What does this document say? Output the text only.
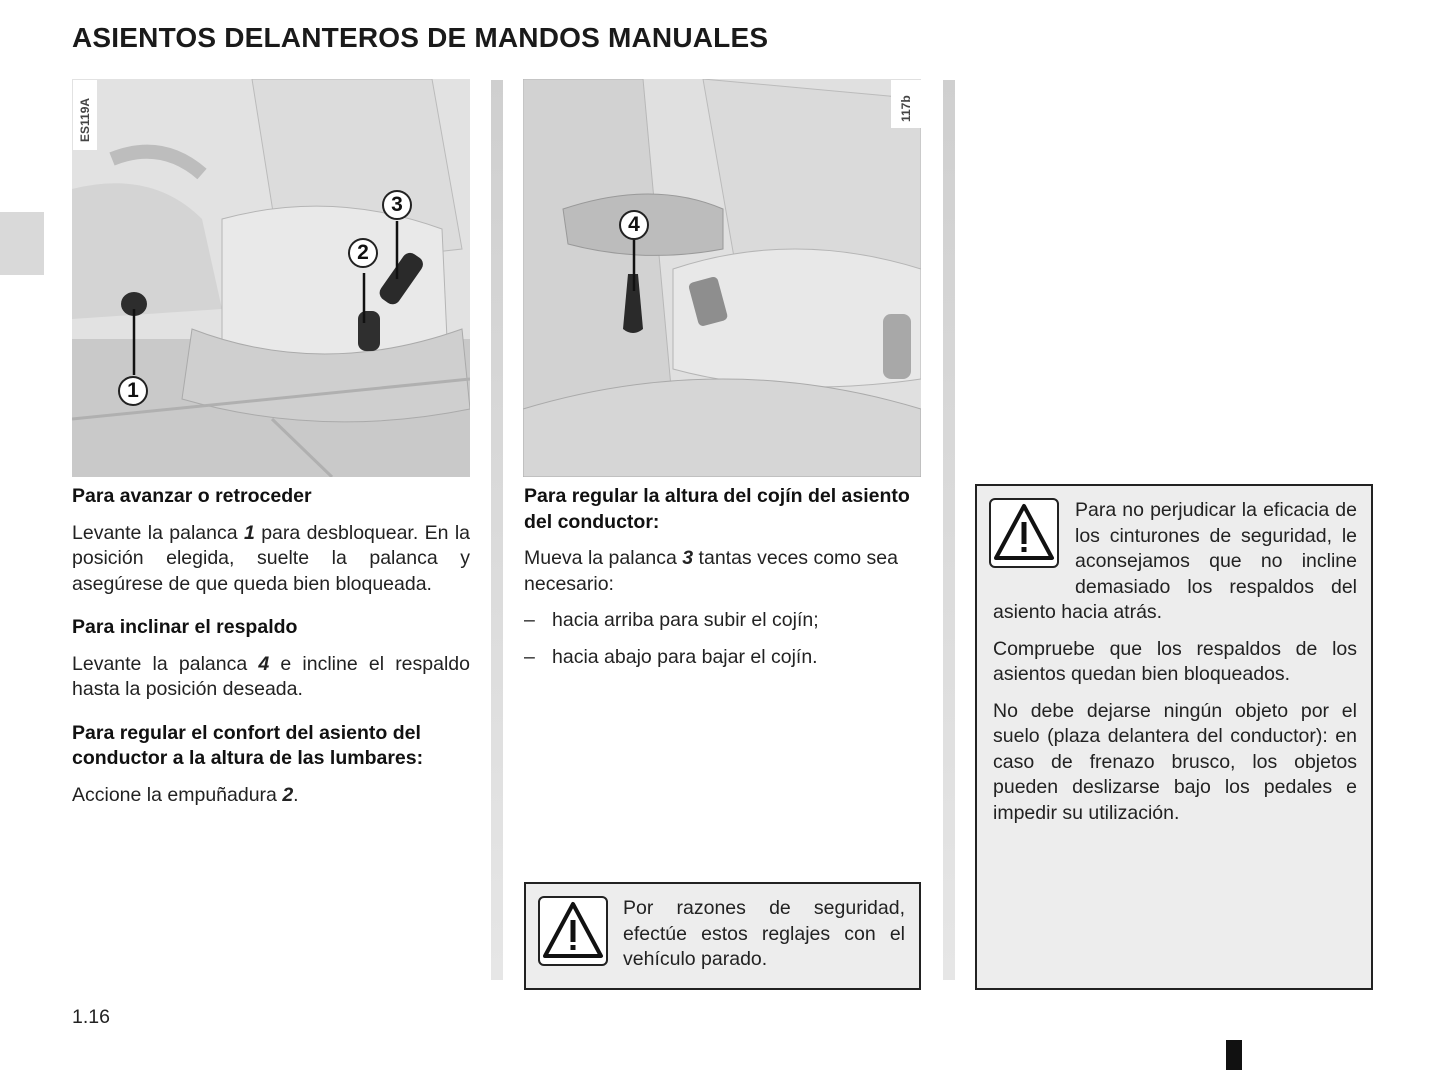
ASIENTOS DELANTEROS DE MANDOS MANUALES
ES119A
1
2
3
117b
4
Para avanzar o retroceder

Levante la palanca 1 para desbloquear. En la posición elegida, suelte la palanca y asegúrese de que queda bien bloqueada.

Para inclinar el respaldo

Levante la palanca 4 e incline el respaldo hasta la posición deseada.

Para regular el confort del asiento del conductor a la altura de las lumbares:

Accione la empuñadura 2.

Para regular la altura del cojín del asiento del conductor:

Mueva la palanca 3 tantas veces como sea necesario:

– hacia arriba para subir el cojín;
– hacia abajo para bajar el cojín.

Por razones de seguridad, efectúe estos reglajes con el vehículo parado.

Para no perjudicar la eficacia de los cinturones de seguridad, le aconsejamos que no incline demasiado los respaldos del asiento hacia atrás.

Compruebe que los respaldos de los asientos quedan bien bloqueados.

No debe dejarse ningún objeto por el suelo (plaza delantera del conductor): en caso de frenazo brusco, los objetos pueden deslizarse bajo los pedales e impedir su utilización.

1.16
